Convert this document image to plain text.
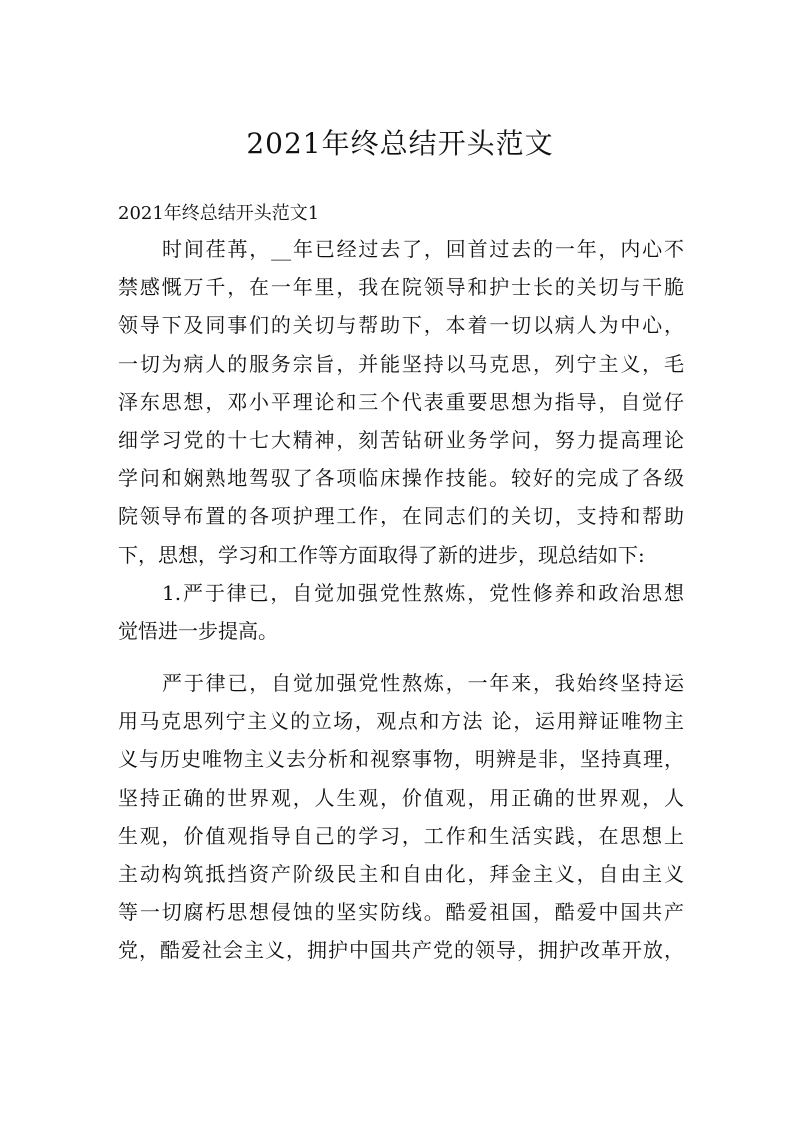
2021年终总结开头范文
2021年终总结开头范文1
时间荏苒，__年已经过去了，回首过去的一年，内心不
禁感慨万千，在一年里，我在院领导和护士长的关切与干脆
领导下及同事们的关切与帮助下，本着一切以病人为中心，
一切为病人的服务宗旨，并能坚持以马克思，列宁主义，毛
泽东思想，邓小平理论和三个代表重要思想为指导，自觉仔
细学习党的十七大精神，刻苦钻研业务学问，努力提高理论
学问和娴熟地驾驭了各项临床操作技能。较好的完成了各级
院领导布置的各项护理工作，在同志们的关切，支持和帮助
下，思想，学习和工作等方面取得了新的进步，现总结如下:
1.严于律已，自觉加强党性熬炼，党性修养和政治思想
觉悟进一步提高。
严于律已，自觉加强党性熬炼，一年来，我始终坚持运
用马克思列宁主义的立场，观点和方法 论，运用辩证唯物主
义与历史唯物主义去分析和视察事物，明辨是非，坚持真理，
坚持正确的世界观，人生观，价值观，用正确的世界观，人
生观，价值观指导自己的学习，工作和生活实践，在思想上
主动构筑抵挡资产阶级民主和自由化，拜金主义，自由主义
等一切腐朽思想侵蚀的坚实防线。酷爱祖国，酷爱中国共产
党，酷爱社会主义，拥护中国共产党的领导，拥护改革开放，
